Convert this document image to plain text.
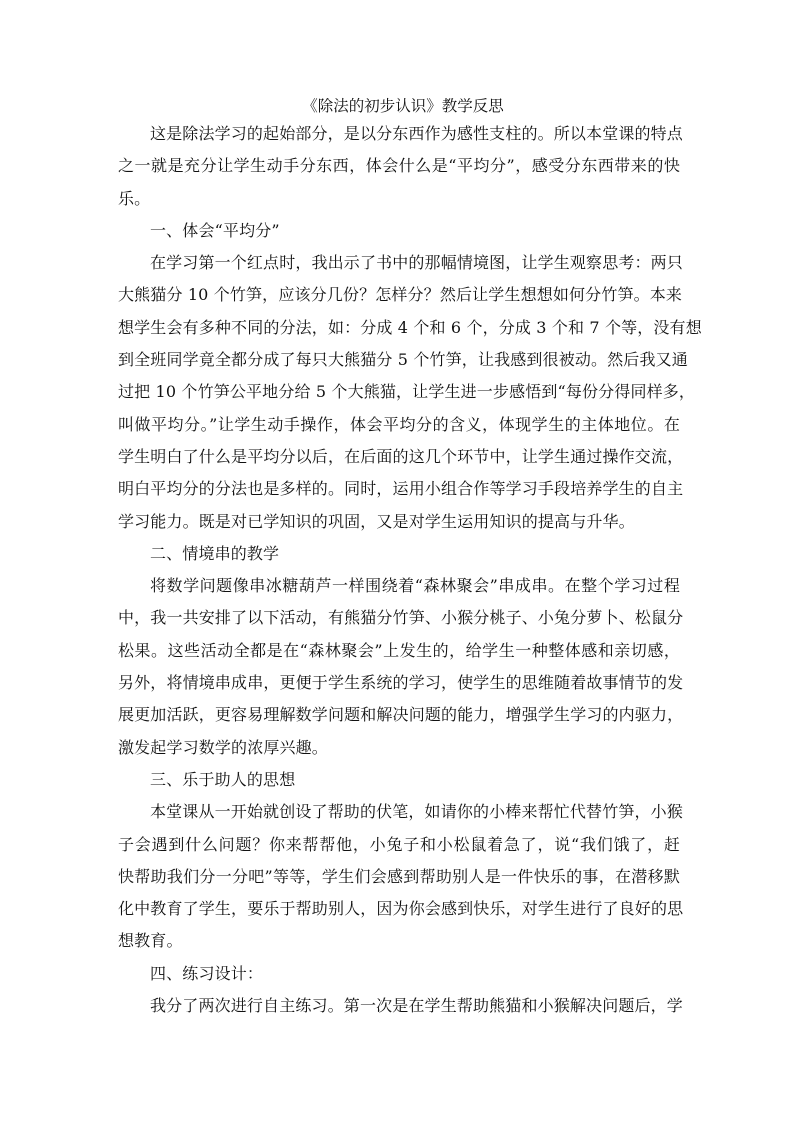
《除法的初步认识》教学反思
这是除法学习的起始部分，是以分东西作为感性支柱的。所以本堂课的特点
之一就是充分让学生动手分东西，体会什么是“平均分”，感受分东西带来的快
乐。
一、体会“平均分”
在学习第一个红点时，我出示了书中的那幅情境图，让学生观察思考：两只
大熊猫分 10 个竹笋，应该分几份？怎样分？然后让学生想想如何分竹笋。本来
想学生会有多种不同的分法，如：分成 4 个和 6 个，分成 3 个和 7 个等，没有想
到全班同学竟全都分成了每只大熊猫分 5 个竹笋，让我感到很被动。然后我又通
过把 10 个竹笋公平地分给 5 个大熊猫，让学生进一步感悟到“每份分得同样多，
叫做平均分。”让学生动手操作，体会平均分的含义，体现学生的主体地位。在
学生明白了什么是平均分以后，在后面的这几个环节中，让学生通过操作交流，
明白平均分的分法也是多样的。同时，运用小组合作等学习手段培养学生的自主
学习能力。既是对已学知识的巩固，又是对学生运用知识的提高与升华。
二、情境串的教学
将数学问题像串冰糖葫芦一样围绕着“森林聚会”串成串。在整个学习过程
中，我一共安排了以下活动，有熊猫分竹笋、小猴分桃子、小兔分萝卜、松鼠分
松果。这些活动全都是在“森林聚会”上发生的，给学生一种整体感和亲切感，
另外，将情境串成串，更便于学生系统的学习，使学生的思维随着故事情节的发
展更加活跃，更容易理解数学问题和解决问题的能力，增强学生学习的内驱力，
激发起学习数学的浓厚兴趣。
三、乐于助人的思想
本堂课从一开始就创设了帮助的伏笔，如请你的小棒来帮忙代替竹笋，小猴
子会遇到什么问题？你来帮帮他，小兔子和小松鼠着急了，说“我们饿了，赶
快帮助我们分一分吧”等等，学生们会感到帮助别人是一件快乐的事，在潜移默
化中教育了学生，要乐于帮助别人，因为你会感到快乐，对学生进行了良好的思
想教育。
四、练习设计：
我分了两次进行自主练习。第一次是在学生帮助熊猫和小猴解决问题后，学
